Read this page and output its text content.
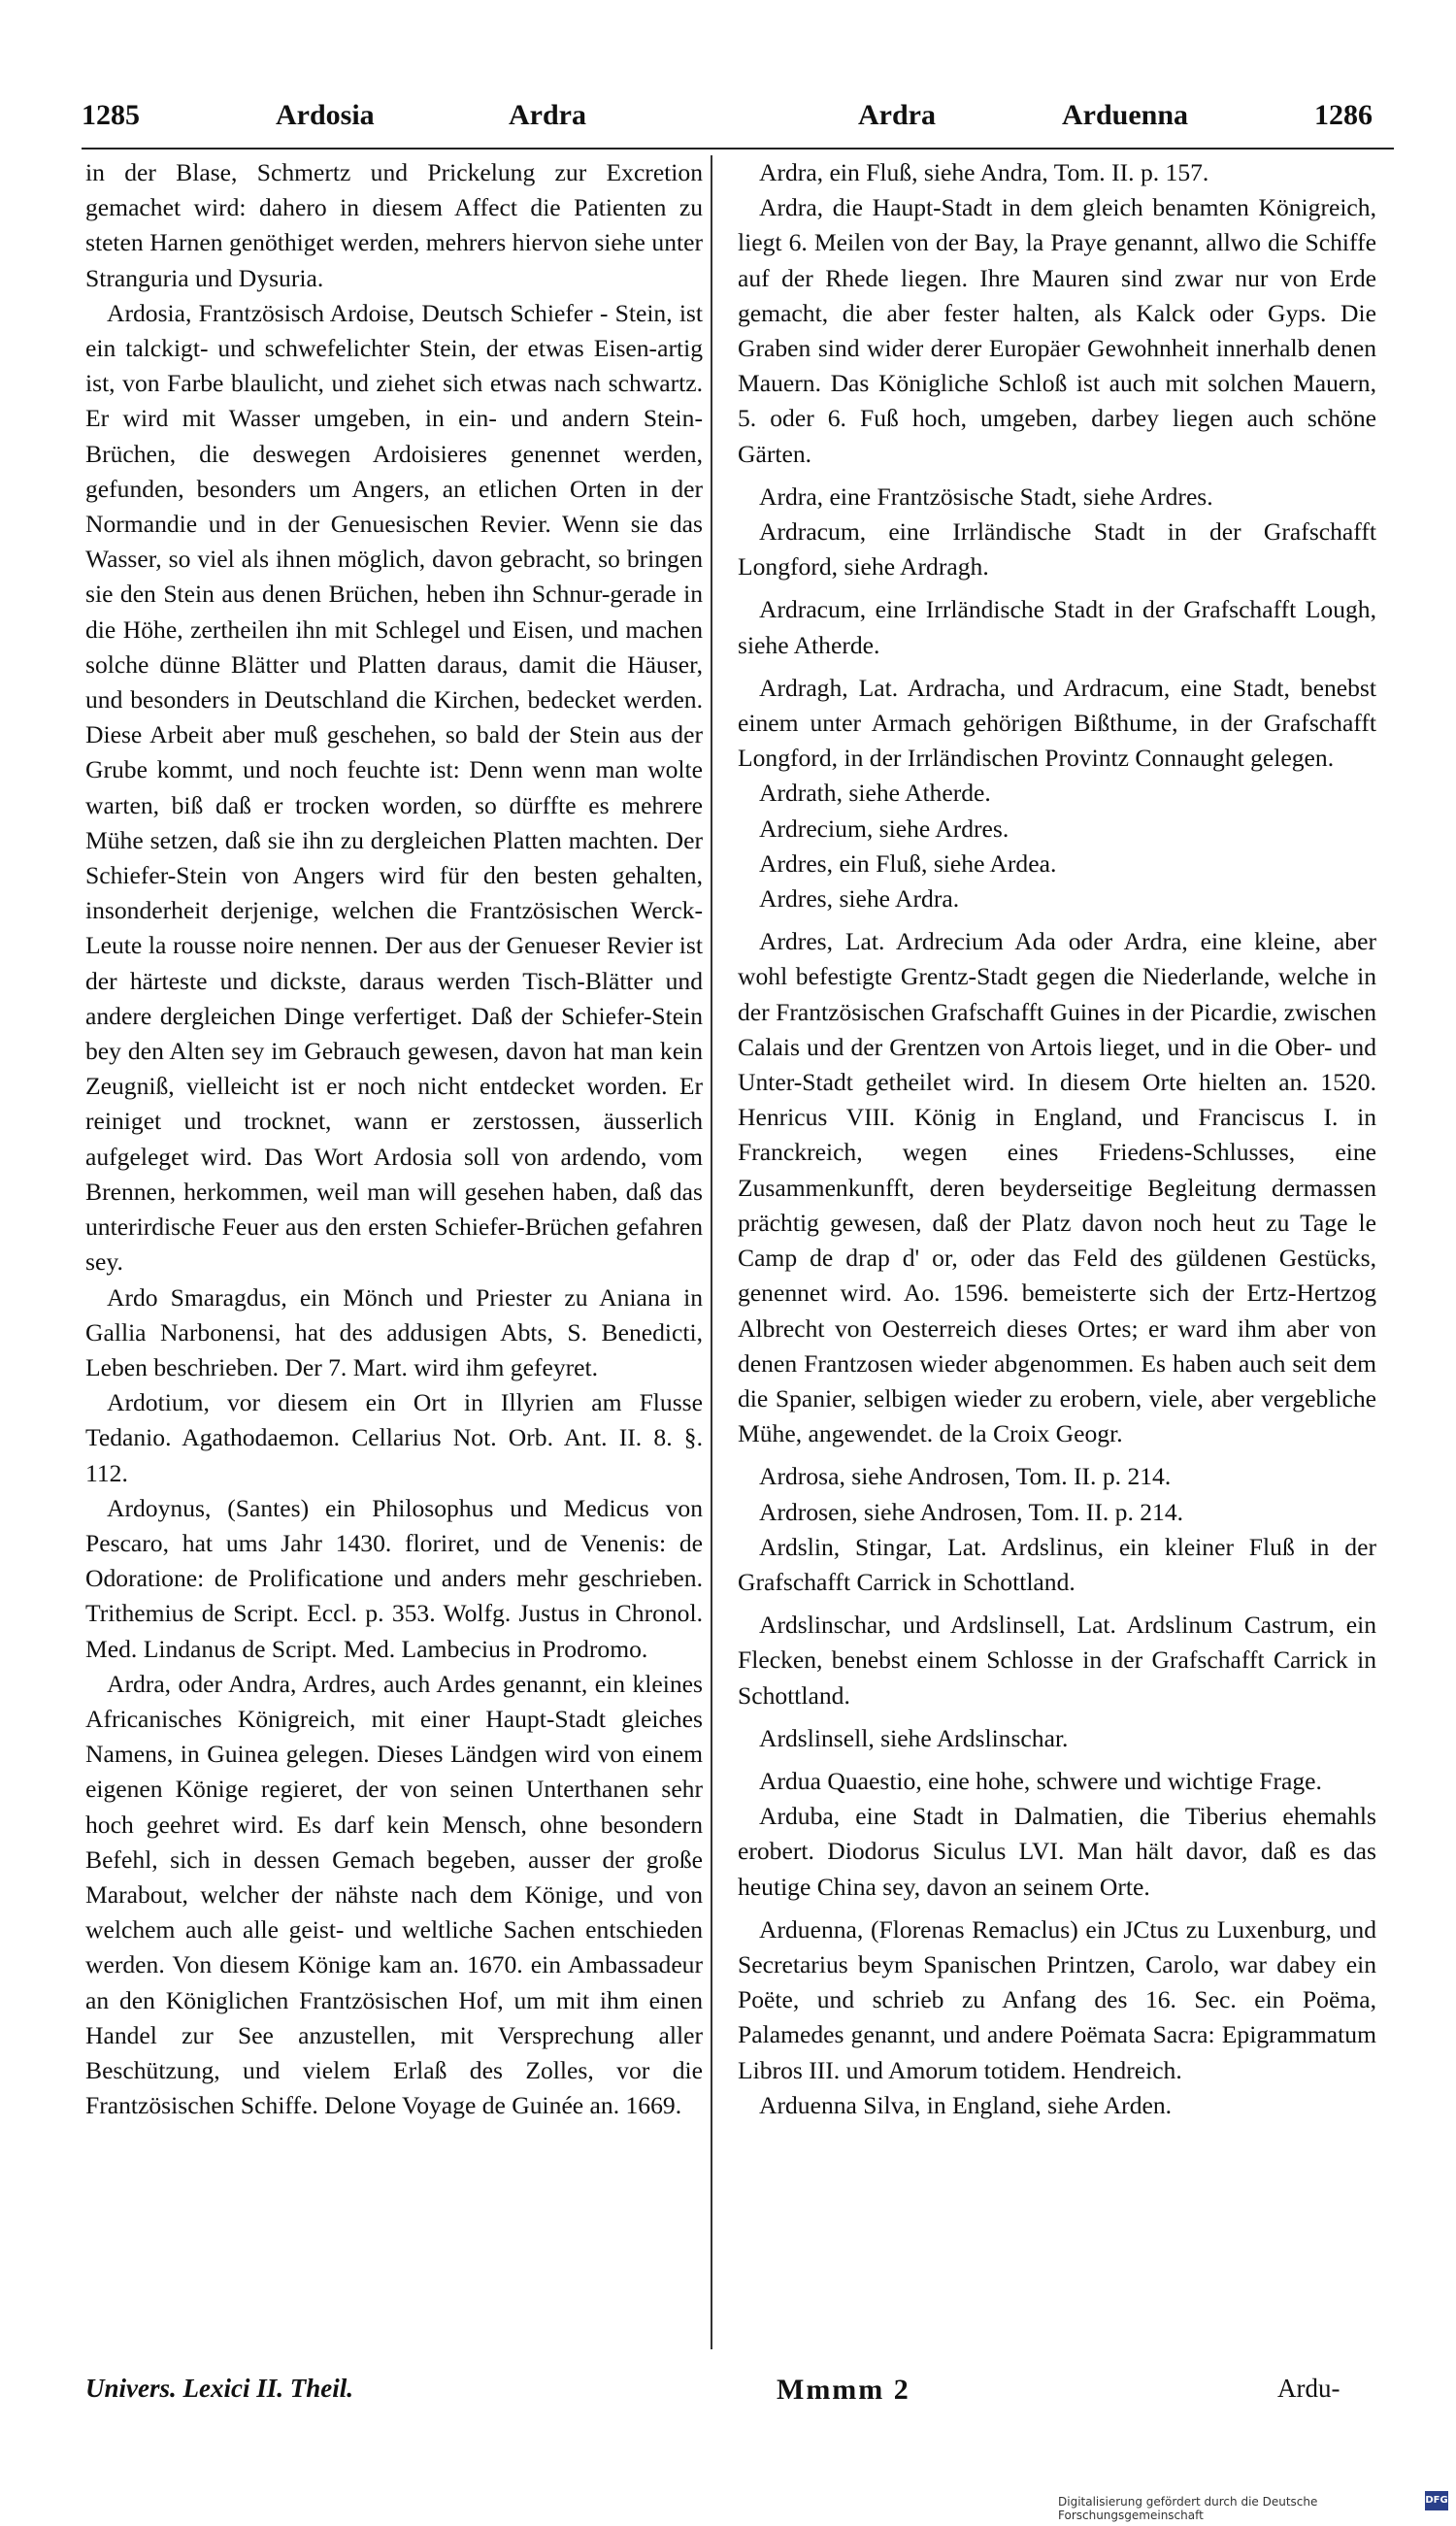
1285	Ardosia	Ardra	Ardra	Arduenna	1286

in der Blase, Schmertz und Prickelung zur Excretion gemachet wird: dahero in diesem Affect die Patienten zu steten Harnen genöthiget werden, mehrers hiervon siehe unter Stranguria und Dysuria.

Ardosia, Frantzösisch Ardoise, Deutsch Schiefer - Stein, ist ein talckigt- und schwefelichter Stein, der etwas Eisen-artig ist, von Farbe blaulicht, und ziehet sich etwas nach schwartz. Er wird mit Wasser umgeben, in ein- und andern Stein-Brüchen, die deswegen Ardoisieres genennet werden, gefunden, besonders um Angers, an etlichen Orten in der Normandie und in der Genuesischen Revier. Wenn sie das Wasser, so viel als ihnen möglich, davon gebracht, so bringen sie den Stein aus denen Brüchen, heben ihn Schnur-gerade in die Höhe, zertheilen ihn mit Schlegel und Eisen, und machen solche dünne Blätter und Platten daraus, damit die Häuser, und besonders in Deutschland die Kirchen, bedecket werden. Diese Arbeit aber muß geschehen, so bald der Stein aus der Grube kommt, und noch feuchte ist: Denn wenn man wolte warten, biß daß er trocken worden, so dürffte es mehrere Mühe setzen, daß sie ihn zu dergleichen Platten machten. Der Schiefer-Stein von Angers wird für den besten gehalten, insonderheit derjenige, welchen die Frantzösischen Werck-Leute la rousse noire nennen. Der aus der Genueser Revier ist der härteste und dickste, daraus werden Tisch-Blätter und andere dergleichen Dinge verfertiget. Daß der Schiefer-Stein bey den Alten sey im Gebrauch gewesen, davon hat man kein Zeugniß, vielleicht ist er noch nicht entdecket worden. Er reiniget und trocknet, wann er zerstossen, äusserlich aufgeleget wird. Das Wort Ardosia soll von ardendo, vom Brennen, herkommen, weil man will gesehen haben, daß das unterirdische Feuer aus den ersten Schiefer-Brüchen gefahren sey.

Ardo Smaragdus, ein Mönch und Priester zu Aniana in Gallia Narbonensi, hat des addusigen Abts, S. Benedicti, Leben beschrieben. Der 7. Mart. wird ihm gefeyret.

Ardotium, vor diesem ein Ort in Illyrien am Flusse Tedanio. Agathodaemon. Cellarius Not. Orb. Ant. II. 8. §. 112.

Ardoynus, (Santes) ein Philosophus und Medicus von Pescaro, hat ums Jahr 1430. floriret, und de Venenis: de Odoratione: de Prolificatione und anders mehr geschrieben. Trithemius de Script. Eccl. p. 353. Wolfg. Justus in Chronol. Med. Lindanus de Script. Med. Lambecius in Prodromo.

Ardra, oder Andra, Ardres, auch Ardes genannt, ein kleines Africanisches Königreich, mit einer Haupt-Stadt gleiches Namens, in Guinea gelegen. Dieses Ländgen wird von einem eigenen Könige regieret, der von seinen Unterthanen sehr hoch geehret wird. Es darf kein Mensch, ohne besondern Befehl, sich in dessen Gemach begeben, ausser der große Marabout, welcher der nähste nach dem Könige, und von welchem auch alle geist- und weltliche Sachen entschieden werden. Von diesem Könige kam an. 1670. ein Ambassadeur an den Königlichen Frantzösischen Hof, um mit ihm einen Handel zur See anzustellen, mit Versprechung aller Beschützung, und vielem Erlaß des Zolles, vor die Frantzösischen Schiffe. Delone Voyage de Guinée an. 1669.

Ardra, ein Fluß, siehe Andra, Tom. II. p. 157.

Ardra, die Haupt-Stadt in dem gleich benamten Königreich, liegt 6. Meilen von der Bay, la Praye genannt, allwo die Schiffe auf der Rhede liegen. Ihre Mauren sind zwar nur von Erde gemacht, die aber fester halten, als Kalck oder Gyps. Die Graben sind wider derer Europäer Gewohnheit innerhalb denen Mauern. Das Königliche Schloß ist auch mit solchen Mauern, 5. oder 6. Fuß hoch, umgeben, darbey liegen auch schöne Gärten.

Ardra, eine Frantzösische Stadt, siehe Ardres.

Ardracum, eine Irrländische Stadt in der Grafschafft Longford, siehe Ardragh.

Ardracum, eine Irrländische Stadt in der Grafschafft Lough, siehe Atherde.

Ardragh, Lat. Ardracha, und Ardracum, eine Stadt, benebst einem unter Armach gehörigen Bißthume, in der Grafschafft Longford, in der Irrländischen Provintz Connaught gelegen.

Ardrath, siehe Atherde.

Ardrecium, siehe Ardres.

Ardres, ein Fluß, siehe Ardea.

Ardres, siehe Ardra.

Ardres, Lat. Ardrecium Ada oder Ardra, eine kleine, aber wohl befestigte Grentz-Stadt gegen die Niederlande, welche in der Frantzösischen Grafschafft Guines in der Picardie, zwischen Calais und der Grentzen von Artois lieget, und in die Ober- und Unter-Stadt getheilet wird. In diesem Orte hielten an. 1520. Henricus VIII. König in England, und Franciscus I. in Franckreich, wegen eines Friedens-Schlusses, eine Zusammenkunfft, deren beyderseitige Begleitung dermassen prächtig gewesen, daß der Platz davon noch heut zu Tage le Camp de drap d' or, oder das Feld des güldenen Gestücks, genennet wird. Ao. 1596. bemeisterte sich der Ertz-Hertzog Albrecht von Oesterreich dieses Ortes; er ward ihm aber von denen Frantzosen wieder abgenommen. Es haben auch seit dem die Spanier, selbigen wieder zu erobern, viele, aber vergebliche Mühe, angewendet. de la Croix Geogr.

Ardrosa, siehe Androsen, Tom. II. p. 214.

Ardrosen, siehe Androsen, Tom. II. p. 214.

Ardslin, Stingar, Lat. Ardslinus, ein kleiner Fluß in der Grafschafft Carrick in Schottland.

Ardslinschar, und Ardslinsell, Lat. Ardslinum Castrum, ein Flecken, benebst einem Schlosse in der Grafschafft Carrick in Schottland.

Ardslinsell, siehe Ardslinschar.

Ardua Quaestio, eine hohe, schwere und wichtige Frage.

Arduba, eine Stadt in Dalmatien, die Tiberius ehemahls erobert. Diodorus Siculus LVI. Man hält davor, daß es das heutige China sey, davon an seinem Orte.

Arduenna, (Florenas Remaclus) ein JCtus zu Luxenburg, und Secretarius beym Spanischen Printzen, Carolo, war dabey ein Poëte, und schrieb zu Anfang des 16. Sec. ein Poëma, Palamedes genannt, und andere Poëmata Sacra: Epigrammatum Libros III. und Amorum totidem. Hendreich.

Arduenna Silva, in England, siehe Arden.

Univers. Lexici II. Theil.	Mmmm 2	Ardu-
Digitalisierung gefördert durch die Deutsche Forschungsgemeinschaft
DFG
